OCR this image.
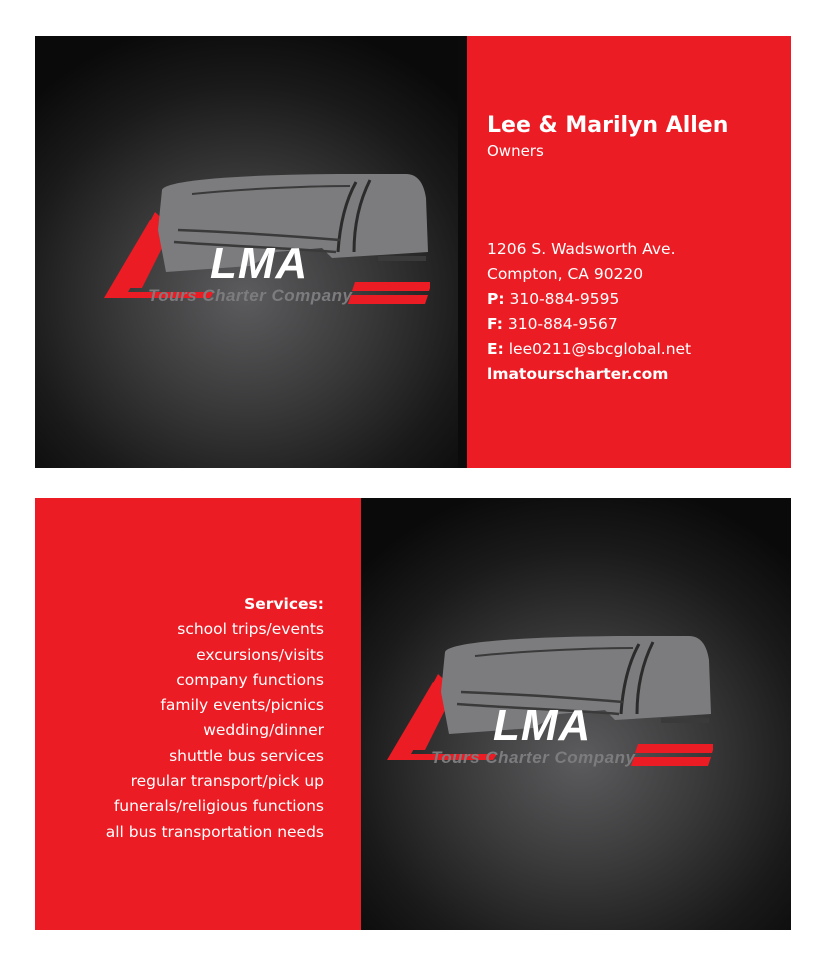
LMA
Tours Charter Company
Lee & Marilyn Allen
Owners
1206 S. Wadsworth Ave.
Compton, CA 90220
P: 310-884-9595
F: 310-884-9567
E: lee0211@sbcglobal.net
lmatourscharter.com
Services:
school trips/events
excursions/visits
company functions
family events/picnics
wedding/dinner
shuttle bus services
regular transport/pick up
funerals/religious functions
all bus transportation needs
LMA
Tours Charter Company
